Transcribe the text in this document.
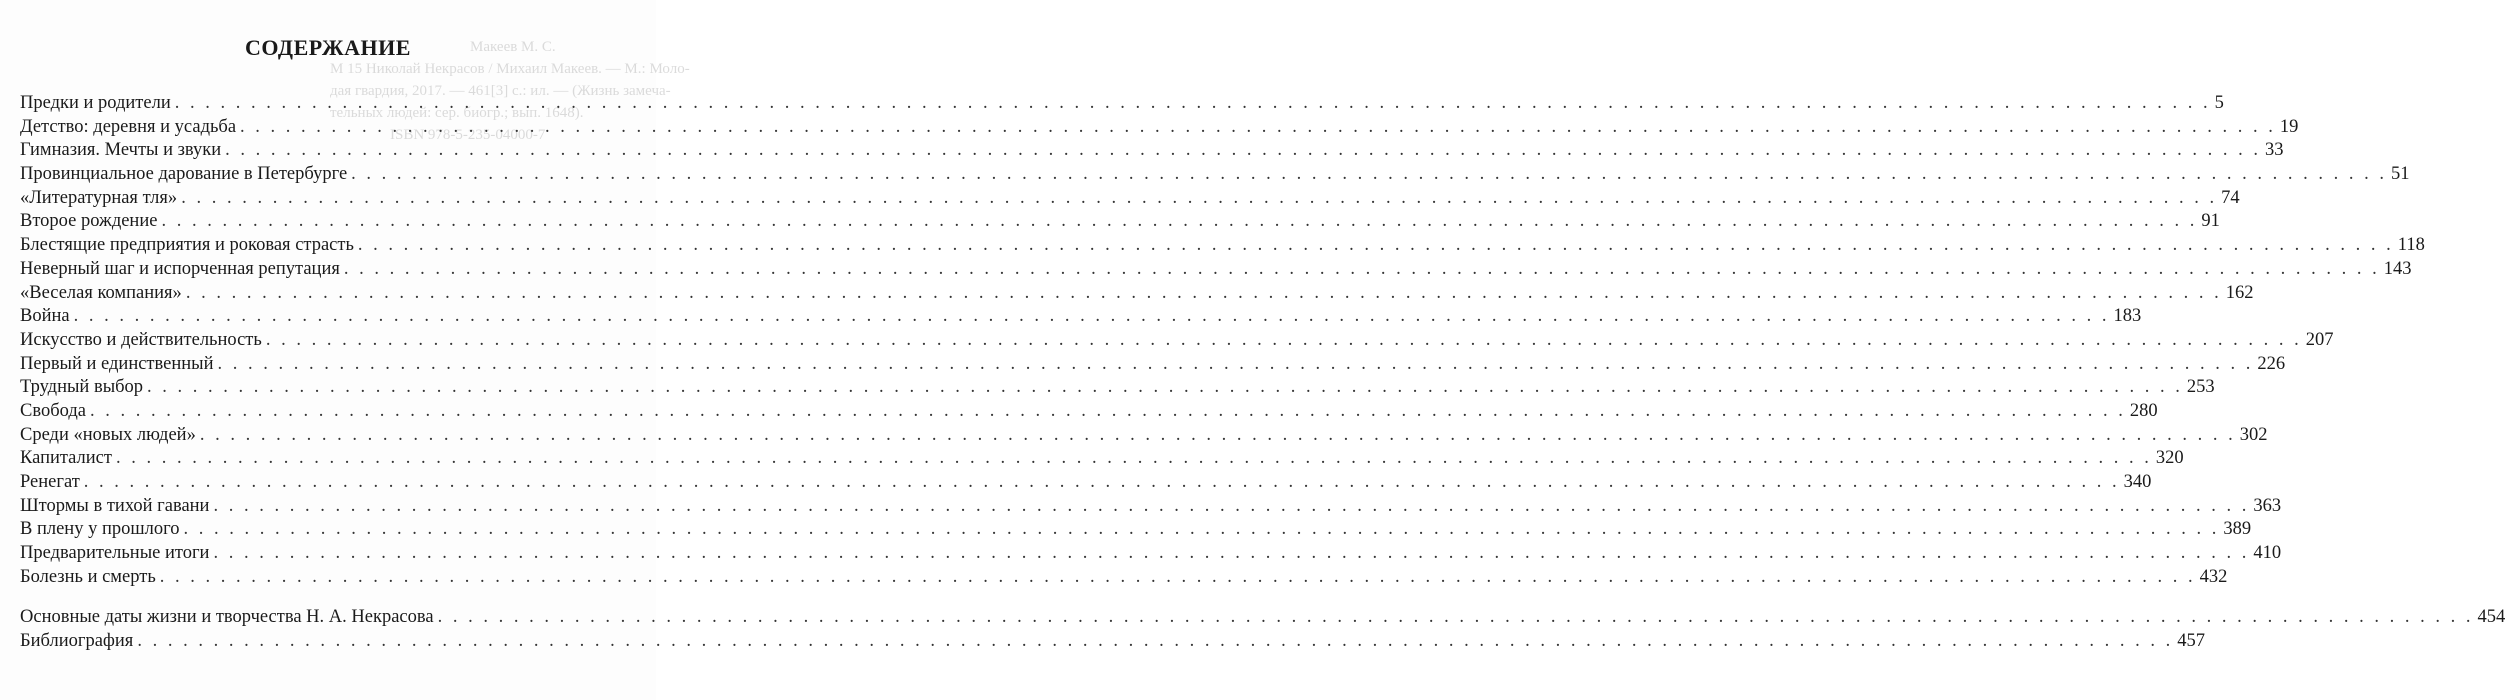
Макеев М. С.
М 15 Николай Некрасов / Михаил Макеев. — М.: Моло-
дая гвардия, 2017. — 461[3] с.: ил. — (Жизнь замеча-
тельных людей: сер. биогр.; вып. 1648).
ISBN 978-5-235-04000-7
СОДЕРЖАНИЕ
Предки и родители . . .	5
Детство: деревня и усадьба . . .	19
Гимназия. Мечты и звуки . . .	33
Провинциальное дарование в Петербурге . . .	51
«Литературная тля» . . .	74
Второе рождение . . .	91
Блестящие предприятия и роковая страсть . . .	118
Неверный шаг и испорченная репутация . . .	143
«Веселая компания» . . .	162
Война . . .	183
Искусство и действительность . . .	207
Первый и единственный . . .	226
Трудный выбор . . .	253
Свобода . . .	280
Среди «новых людей» . . .	302
Капиталист . . .	320
Ренегат . . .	340
Штормы в тихой гавани . . .	363
В плену у прошлого . . .	389
Предварительные итоги . . .	410
Болезнь и смерть . . .	432
Основные даты жизни и творчества Н. А. Некрасова . . .	454
Библиография . . .	457
